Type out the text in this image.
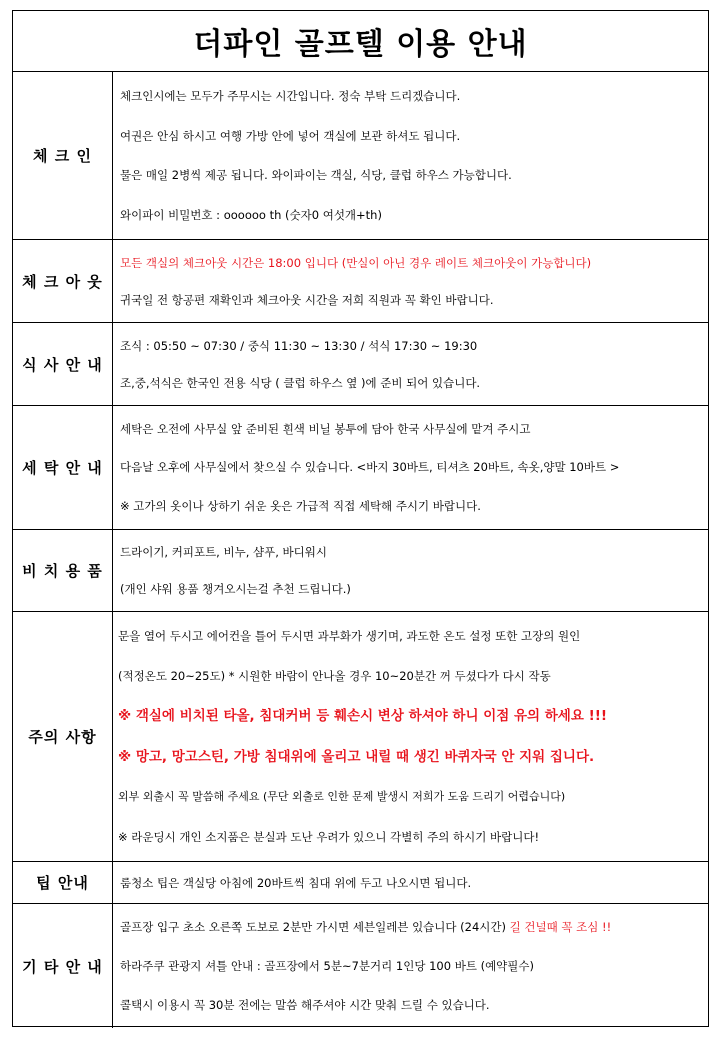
더파인 골프텔 이용 안내
체 크 인
체크인시에는 모두가 주무시는 시간입니다. 정숙 부탁 드리겠습니다.
여권은 안심 하시고 여행 가방 안에 넣어 객실에 보관 하셔도 됩니다.
물은 매일 2병씩 제공 됩니다. 와이파이는 객실, 식당, 클럽 하우스 가능합니다.
와이파이 비밀번호 : oooooo th (숫자0 여섯개+th)
체 크 아 웃
모든 객실의 체크아웃 시간은 18:00 입니다 (만실이 아닌 경우 레이트 체크아웃이 가능합니다)
귀국일 전 항공편 재확인과 체크아웃 시간을 저희 직원과 꼭 확인 바랍니다.
식 사 안 내
조식 : 05:50 ~ 07:30 / 중식 11:30 ~ 13:30 / 석식 17:30 ~ 19:30
조,중,석식은 한국인 전용 식당 ( 클럽 하우스 옆 )에 준비 되어 있습니다.
세 탁 안 내
세탁은 오전에 사무실 앞 준비된 흰색 비닐 봉투에 담아 한국 사무실에 맡겨 주시고
다음날 오후에 사무실에서 찾으실 수 있습니다. <바지 30바트, 티셔츠 20바트, 속옷,양말 10바트 >
※ 고가의 옷이나 상하기 쉬운 옷은 가급적 직접 세탁해 주시기 바랍니다.
비 치 용 품
드라이기, 커피포트, 비누, 샴푸, 바디워시
(개인 샤워 용품 챙겨오시는걸 추천 드립니다.)
주의 사항
문을 열어 두시고 에어컨을 틀어 두시면 과부화가 생기며, 과도한 온도 설정 또한 고장의 원인
(적정온도 20~25도) * 시원한 바람이 안나올 경우 10~20분간 꺼 두셨다가 다시 작동
※ 객실에 비치된 타올, 침대커버 등 훼손시 변상 하셔야 하니 이점 유의 하세요 !!!
※ 망고, 망고스틴, 가방 침대위에 올리고 내릴 때 생긴 바퀴자국 안 지워 집니다.
외부 외출시 꼭 말씀해 주세요 (무단 외출로 인한 문제 발생시 저희가 도움 드리기 어렵습니다)
※ 라운딩시 개인 소지품은 분실과 도난 우려가 있으니 각별히 주의 하시기 바랍니다!
팁 안내	룸청소 팁은 객실당 아침에 20바트씩 침대 위에 두고 나오시면 됩니다.
기 타 안 내
골프장 입구 초소 오른쪽 도보로 2분만 가시면 세븐일레븐 있습니다 (24시간) 길 건널때 꼭 조심 !!
하라주쿠 관광지 셔틀 안내 : 골프장에서 5분~7분거리 1인당 100 바트 (예약필수)
콜택시 이용시 꼭 30분 전에는 말씀 해주셔야 시간 맞춰 드릴 수 있습니다.
